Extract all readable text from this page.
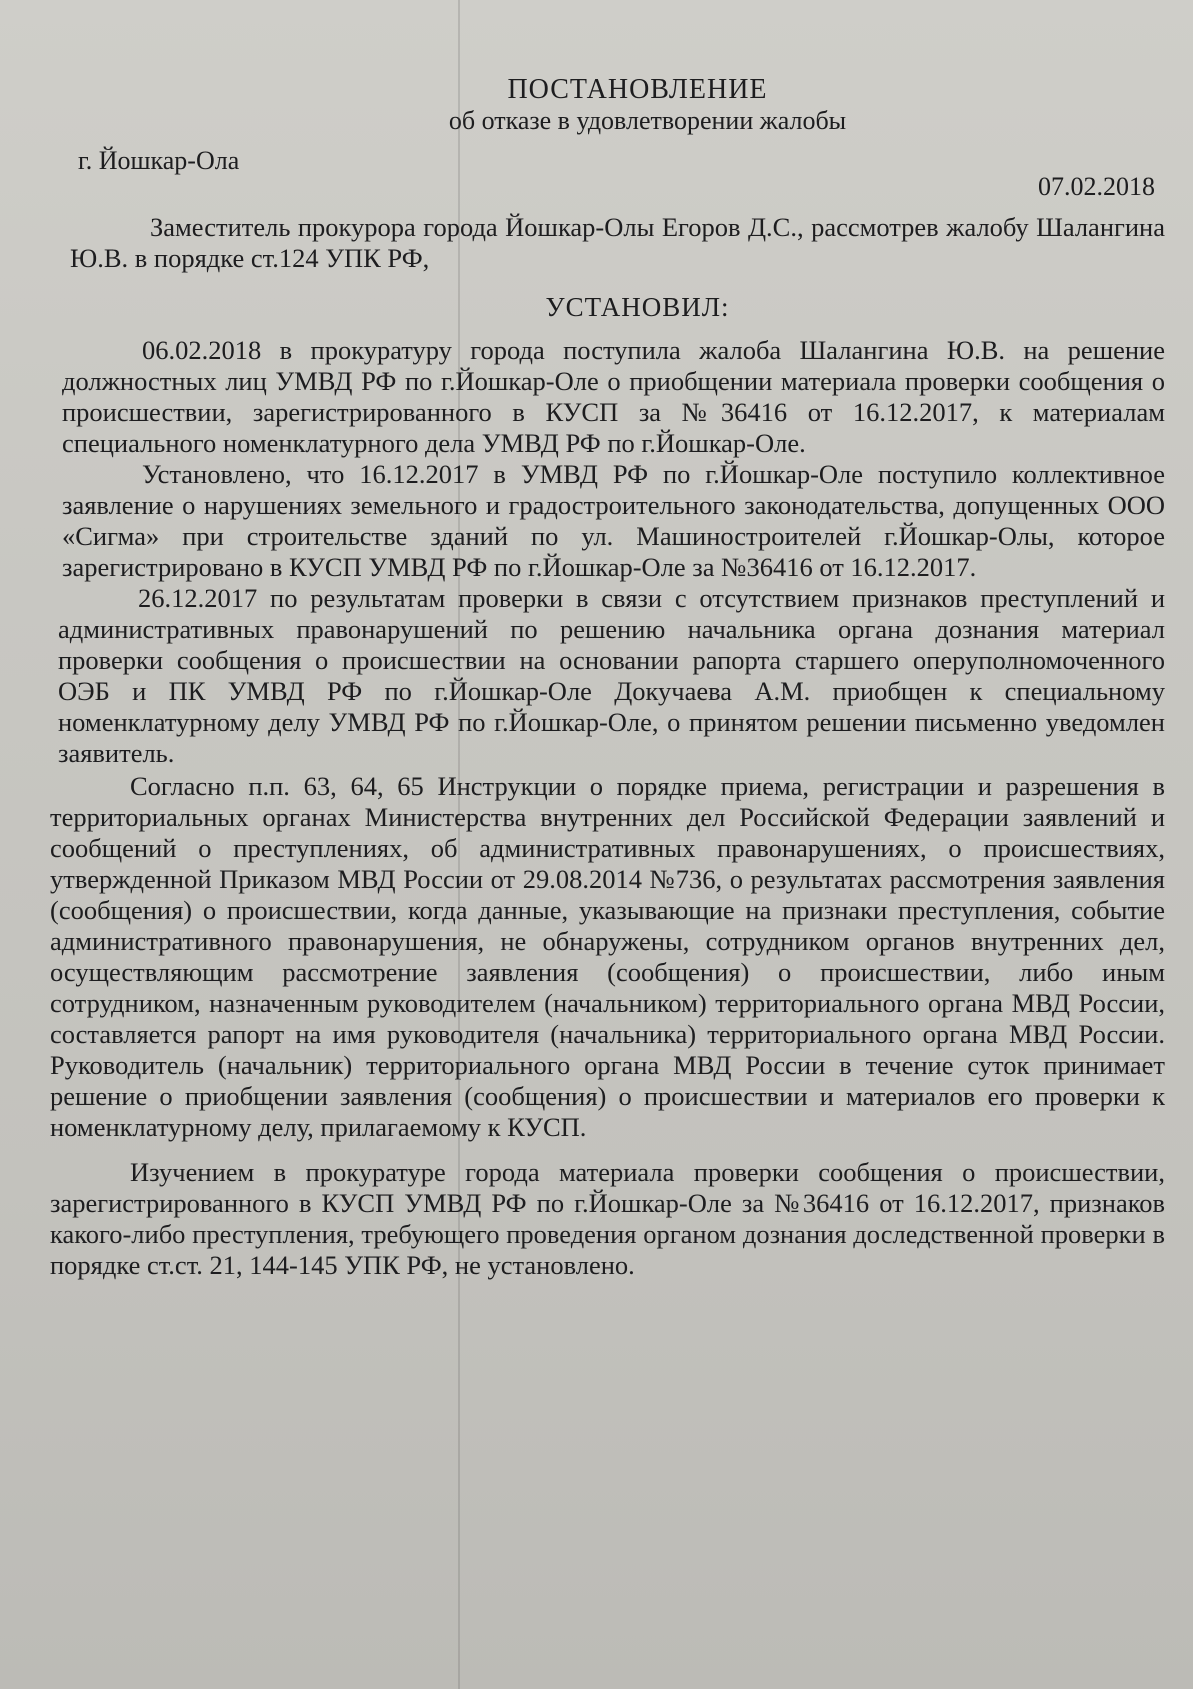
ПОСТАНОВЛЕНИЕ
об отказе в удовлетворении жалобы
г. Йошкар-Ола
07.02.2018

Заместитель прокурора города Йошкар-Олы Егоров Д.С., рассмотрев жалобу Шалангина Ю.В. в порядке ст.124 УПК РФ,

УСТАНОВИЛ:

06.02.2018 в прокуратуру города поступила жалоба Шалангина Ю.В. на решение должностных лиц УМВД РФ по г.Йошкар-Оле о приобщении материала проверки сообщения о происшествии, зарегистрированного в КУСП за №36416 от 16.12.2017, к материалам специального номенклатурного дела УМВД РФ по г.Йошкар-Оле.

Установлено, что 16.12.2017 в УМВД РФ по г.Йошкар-Оле поступило коллективное заявление о нарушениях земельного и градостроительного законодательства, допущенных ООО «Сигма» при строительстве зданий по ул. Машиностроителей г.Йошкар-Олы, которое зарегистрировано в КУСП УМВД РФ по г.Йошкар-Оле за №36416 от 16.12.2017.

26.12.2017 по результатам проверки в связи с отсутствием признаков преступлений и административных правонарушений по решению начальника органа дознания материал проверки сообщения о происшествии на основании рапорта старшего оперуполномоченного ОЭБ и ПК УМВД РФ по г.Йошкар-Оле Докучаева А.М. приобщен к специальному номенклатурному делу УМВД РФ по г.Йошкар-Оле, о принятом решении письменно уведомлен заявитель.

Согласно п.п. 63, 64, 65 Инструкции о порядке приема, регистрации и разрешения в территориальных органах Министерства внутренних дел Российской Федерации заявлений и сообщений о преступлениях, об административных правонарушениях, о происшествиях, утвержденной Приказом МВД России от 29.08.2014 №736, о результатах рассмотрения заявления (сообщения) о происшествии, когда данные, указывающие на признаки преступления, событие административного правонарушения, не обнаружены, сотрудником органов внутренних дел, осуществляющим рассмотрение заявления (сообщения) о происшествии, либо иным сотрудником, назначенным руководителем (начальником) территориального органа МВД России, составляется рапорт на имя руководителя (начальника) территориального органа МВД России. Руководитель (начальник) территориального органа МВД России в течение суток принимает решение о приобщении заявления (сообщения) о происшествии и материалов его проверки к номенклатурному делу, прилагаемому к КУСП.

Изучением в прокуратуре города материала проверки сообщения о происшествии, зарегистрированного в КУСП УМВД РФ по г.Йошкар-Оле за №36416 от 16.12.2017, признаков какого-либо преступления, требующего проведения органом дознания доследственной проверки в порядке ст.ст. 21, 144-145 УПК РФ, не установлено.
